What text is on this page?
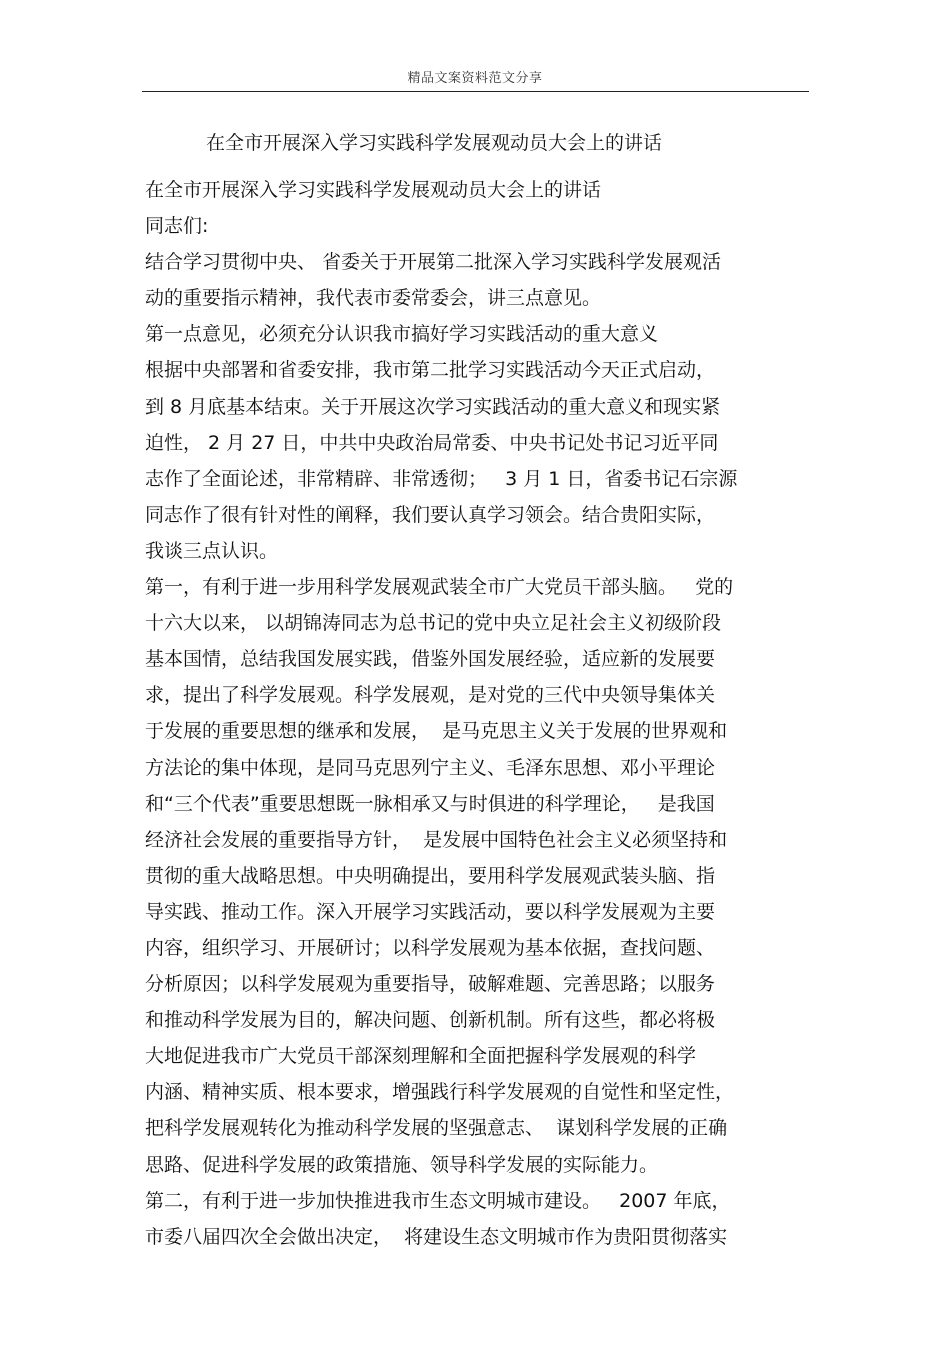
精品文案资料范文分享
在全市开展深入学习实践科学发展观动员大会上的讲话
在全市开展深入学习实践科学发展观动员大会上的讲话
同志们:
结合学习贯彻中央、 省委关于开展第二批深入学习实践科学发展观活
动的重要指示精神，我代表市委常委会，讲三点意见。
第一点意见，必须充分认识我市搞好学习实践活动的重大意义
根据中央部署和省委安排，我市第二批学习实践活动今天正式启动，
到 8 月底基本结束。关于开展这次学习实践活动的重大意义和现实紧
迫性， 2 月 27 日，中共中央政治局常委、中央书记处书记习近平同
志作了全面论述，非常精辟、非常透彻；   3 月 1 日，省委书记石宗源
同志作了很有针对性的阐释，我们要认真学习领会。结合贵阳实际，
我谈三点认识。
第一，有利于进一步用科学发展观武装全市广大党员干部头脑。   党的
十六大以来， 以胡锦涛同志为总书记的党中央立足社会主义初级阶段
基本国情，总结我国发展实践，借鉴外国发展经验，适应新的发展要
求，提出了科学发展观。科学发展观，是对党的三代中央领导集体关
于发展的重要思想的继承和发展，  是马克思主义关于发展的世界观和
方法论的集中体现，是同马克思列宁主义、毛泽东思想、邓小平理论
和“三个代表”重要思想既一脉相承又与时俱进的科学理论，   是我国
经济社会发展的重要指导方针，  是发展中国特色社会主义必须坚持和
贯彻的重大战略思想。中央明确提出，要用科学发展观武装头脑、指
导实践、推动工作。深入开展学习实践活动，要以科学发展观为主要
内容，组织学习、开展研讨；以科学发展观为基本依据，查找问题、
分析原因；以科学发展观为重要指导，破解难题、完善思路；以服务
和推动科学发展为目的，解决问题、创新机制。所有这些，都必将极
大地促进我市广大党员干部深刻理解和全面把握科学发展观的科学
内涵、精神实质、根本要求，增强践行科学发展观的自觉性和坚定性，
把科学发展观转化为推动科学发展的坚强意志、  谋划科学发展的正确
思路、促进科学发展的政策措施、领导科学发展的实际能力。
第二，有利于进一步加快推进我市生态文明城市建设。   2007 年底，
市委八届四次全会做出决定，  将建设生态文明城市作为贵阳贯彻落实
